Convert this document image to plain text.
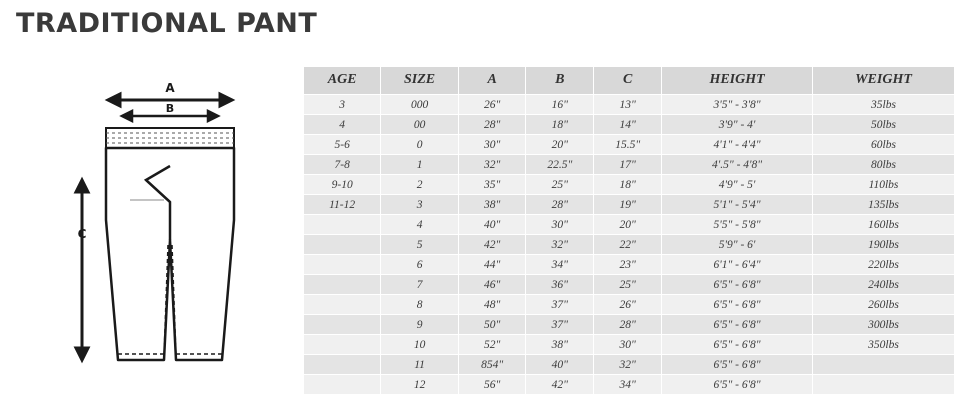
TRADITIONAL PANT
A
B
C
AGE	SIZE	A	B	C	HEIGHT	WEIGHT
3	000	26"	16"	13"	3'5" - 3'8"	35lbs
4	00	28"	18"	14"	3'9" - 4'	50lbs
5-6	0	30"	20"	15.5"	4'1" - 4'4"	60lbs
7-8	1	32"	22.5"	17"	4'.5" - 4'8"	80lbs
9-10	2	35"	25"	18"	4'9" - 5'	110lbs
11-12	3	38"	28"	19"	5'1" - 5'4"	135lbs
	4	40"	30"	20"	5'5" - 5'8"	160lbs
	5	42"	32"	22"	5'9" - 6'	190lbs
	6	44"	34"	23"	6'1" - 6'4"	220lbs
	7	46"	36"	25"	6'5" - 6'8"	240lbs
	8	48"	37"	26"	6'5" - 6'8"	260lbs
	9	50"	37"	28"	6'5" - 6'8"	300lbs
	10	52"	38"	30"	6'5" - 6'8"	350lbs
	11	854"	40"	32"	6'5" - 6'8"	
	12	56"	42"	34"	6'5" - 6'8"	
